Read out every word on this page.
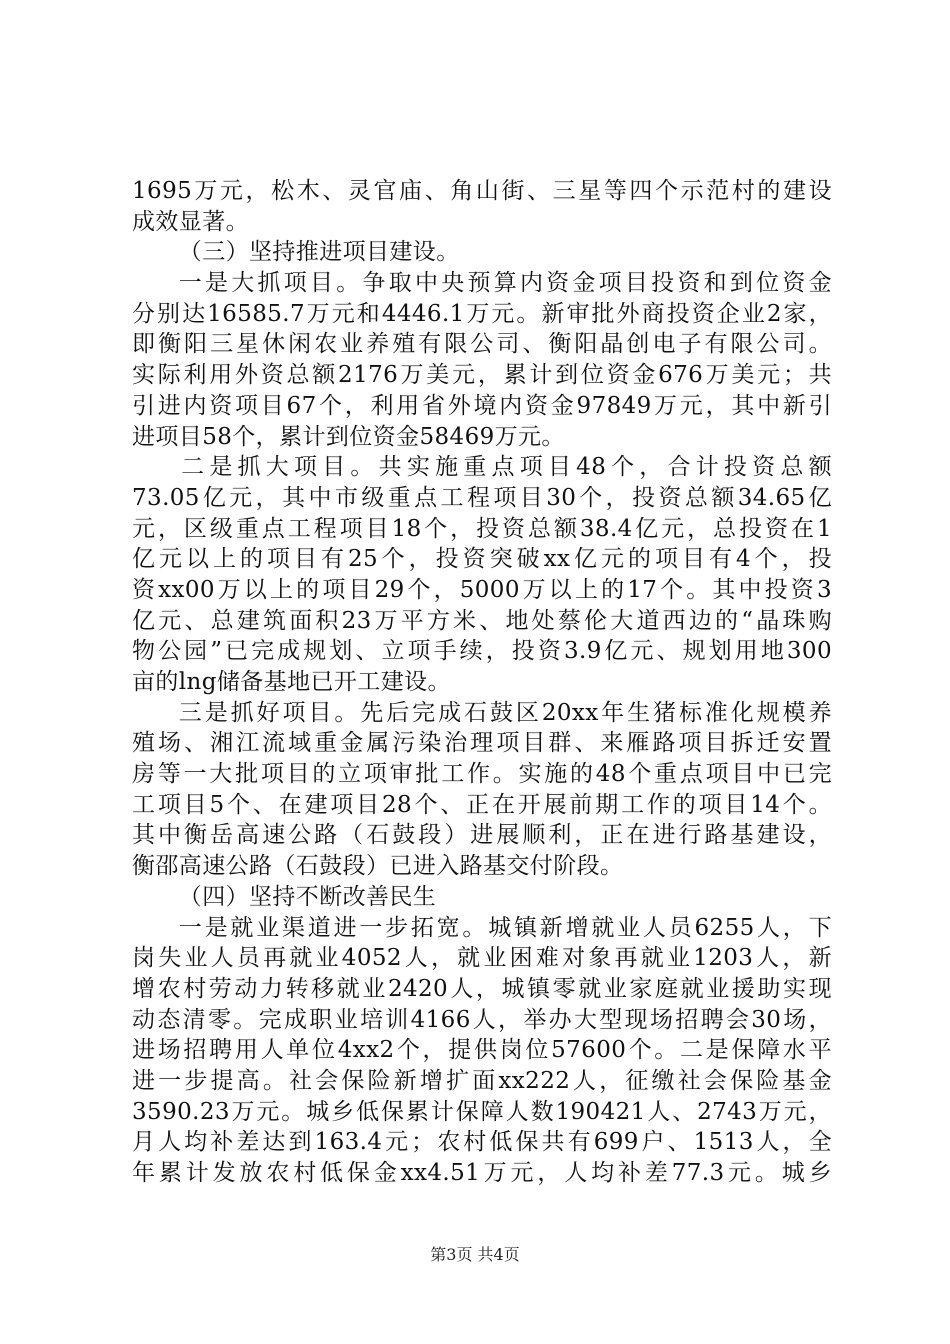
1695万元，松木、灵官庙、角山街、三星等四个示范村的建设
成效显著。
（三）坚持推进项目建设。
一是大抓项目。争取中央预算内资金项目投资和到位资金
分别达16585.7万元和4446.1万元。新审批外商投资企业2家，
即衡阳三星休闲农业养殖有限公司、衡阳晶创电子有限公司。
实际利用外资总额2176万美元，累计到位资金676万美元；共
引进内资项目67个，利用省外境内资金97849万元，其中新引
进项目58个，累计到位资金58469万元。
二是抓大项目。共实施重点项目48个，合计投资总额
73.05亿元，其中市级重点工程项目30个，投资总额34.65亿
元，区级重点工程项目18个，投资总额38.4亿元，总投资在1
亿元以上的项目有25个，投资突破xx亿元的项目有4个，投
资xx00万以上的项目29个，5000万以上的17个。其中投资3
亿元、总建筑面积23万平方米、地处蔡伦大道西边的“晶珠购
物公园”已完成规划、立项手续，投资3.9亿元、规划用地300
亩的lng储备基地已开工建设。
三是抓好项目。先后完成石鼓区20xx年生猪标准化规模养
殖场、湘江流域重金属污染治理项目群、来雁路项目拆迁安置
房等一大批项目的立项审批工作。实施的48个重点项目中已完
工项目5个、在建项目28个、正在开展前期工作的项目14个。
其中衡岳高速公路（石鼓段）进展顺利，正在进行路基建设，
衡邵高速公路（石鼓段）已进入路基交付阶段。
（四）坚持不断改善民生
一是就业渠道进一步拓宽。城镇新增就业人员6255人，下
岗失业人员再就业4052人，就业困难对象再就业1203人，新
增农村劳动力转移就业2420人，城镇零就业家庭就业援助实现
动态清零。完成职业培训4166人，举办大型现场招聘会30场，
进场招聘用人单位4xx2个，提供岗位57600个。二是保障水平
进一步提高。社会保险新增扩面xx222人，征缴社会保险基金
3590.23万元。城乡低保累计保障人数190421人、2743万元，
月人均补差达到163.4元；农村低保共有699户、1513人，全
年累计发放农村低保金xx4.51万元，人均补差77.3元。城乡
第3页 共4页
